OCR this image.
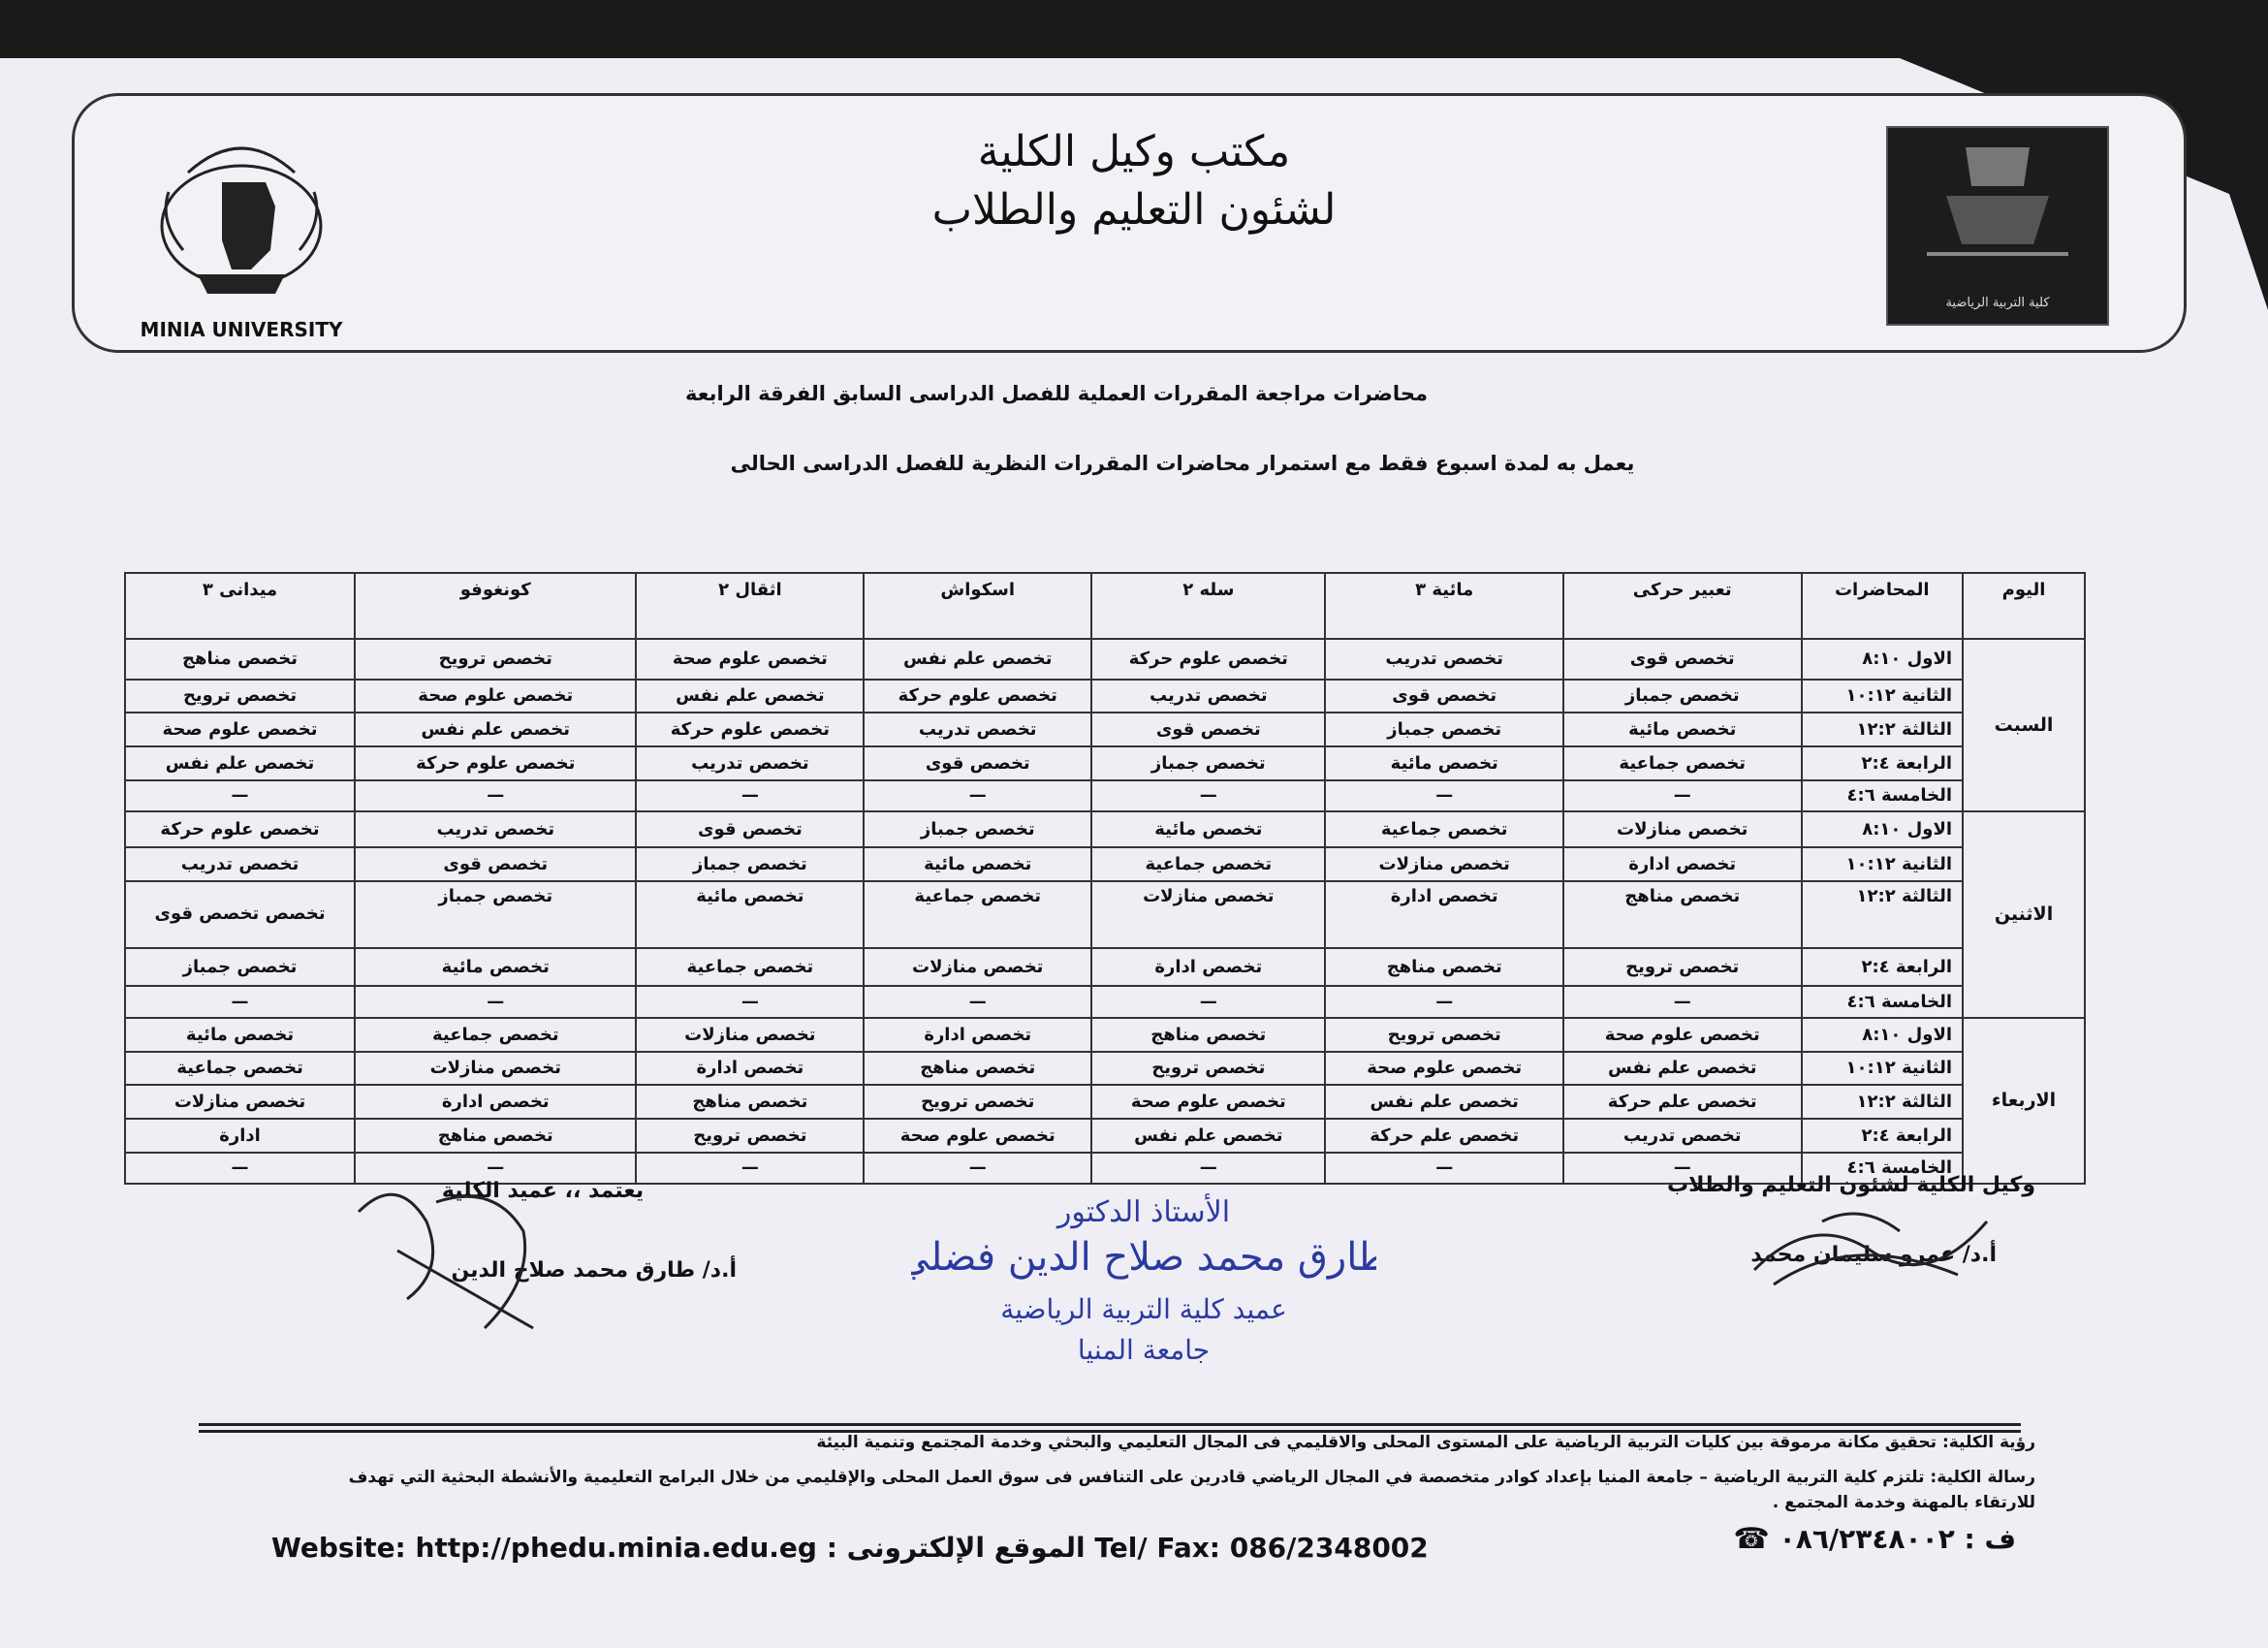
MINIA UNIVERSITY
مكتب وكيل الكلية
لشئون التعليم والطلاب
كلية التربية الرياضية
محاضرات مراجعة المقررات العملية للفصل الدراسى السابق الفرقة الرابعة
يعمل به لمدة اسبوع فقط مع استمرار محاضرات المقررات النظرية للفصل الدراسى الحالى
اليوم	المحاضرات	تعبير حركى	مائية ٣	سله ٢	اسكواش	اثقال ٢	كونغوفو	ميدانى ٣
السبت	الاول ٨:١٠	تخصص قوى	تخصص تدريب	تخصص علوم حركة	تخصص علم نفس	تخصص علوم صحة	تخصص ترويح	تخصص مناهج
	الثانية ١٠:١٢	تخصص جمباز	تخصص قوى	تخصص تدريب	تخصص علوم حركة	تخصص علم نفس	تخصص علوم صحة	تخصص ترويح
	الثالثة ١٢:٢	تخصص مائية	تخصص جمباز	تخصص قوى	تخصص تدريب	تخصص علوم حركة	تخصص علم نفس	تخصص علوم صحة
	الرابعة ٢:٤	تخصص جماعية	تخصص مائية	تخصص جمباز	تخصص قوى	تخصص تدريب	تخصص علوم حركة	تخصص علم نفس
	الخامسة ٤:٦	—	—	—	—	—	—	—
الاثنين	الاول ٨:١٠	تخصص منازلات	تخصص جماعية	تخصص مائية	تخصص جمباز	تخصص قوى	تخصص تدريب	تخصص علوم حركة
	الثانية ١٠:١٢	تخصص ادارة	تخصص منازلات	تخصص جماعية	تخصص مائية	تخصص جمباز	تخصص قوى	تخصص تدريب
	الثالثة ١٢:٢	تخصص مناهج	تخصص ادارة	تخصص منازلات	تخصص جماعية	تخصص مائية	تخصص جمباز	تخصص تخصص قوى
	الرابعة ٢:٤	تخصص ترويح	تخصص مناهج	تخصص ادارة	تخصص منازلات	تخصص جماعية	تخصص مائية	تخصص جمباز
	الخامسة ٤:٦	—	—	—	—	—	—	—
الاربعاء	الاول ٨:١٠	تخصص علوم صحة	تخصص ترويح	تخصص مناهج	تخصص ادارة	تخصص منازلات	تخصص جماعية	تخصص مائية
	الثانية ١٠:١٢	تخصص علم نفس	تخصص علوم صحة	تخصص ترويح	تخصص مناهج	تخصص ادارة	تخصص منازلات	تخصص جماعية
	الثالثة ١٢:٢	تخصص علم حركة	تخصص علم نفس	تخصص علوم صحة	تخصص ترويح	تخصص مناهج	تخصص ادارة	تخصص منازلات
	الرابعة ٢:٤	تخصص تدريب	تخصص علم حركة	تخصص علم نفس	تخصص علوم صحة	تخصص ترويح	تخصص مناهج	ادارة
	الخامسة ٤:٦	—	—	—	—	—	—	—
وكيل الكلية لشئون التعليم والطلاب
أ.د/ عمرو سليمان محمد
يعتمد ،، عميد الكلية
أ.د/ طارق محمد صلاح الدين
الأستاذ الدكتور
طارق محمد صلاح الدين فضلي
عميد كلية التربية الرياضية
جامعة المنيا
رؤية الكلية: تحقيق مكانة مرموقة بين كليات التربية الرياضية على المستوى المحلى والاقليمي فى المجال التعليمي والبحثي وخدمة المجتمع وتنمية البيئة
رسالة الكلية: تلتزم كلية التربية الرياضية – جامعة المنيا بإعداد كوادر متخصصة في المجال الرياضي قادرين على التنافس فى سوق العمل المحلى والإقليمي من خلال البرامج التعليمية والأنشطة البحثية التي تهدف
للارتقاء بالمهنة وخدمة المجتمع .
Website: http://phedu.minia.edu.eg : الموقع الإلكترونى Tel/ Fax: 086/2348002	ف : ٠٨٦/٢٣٤٨٠٠٢ ☎
